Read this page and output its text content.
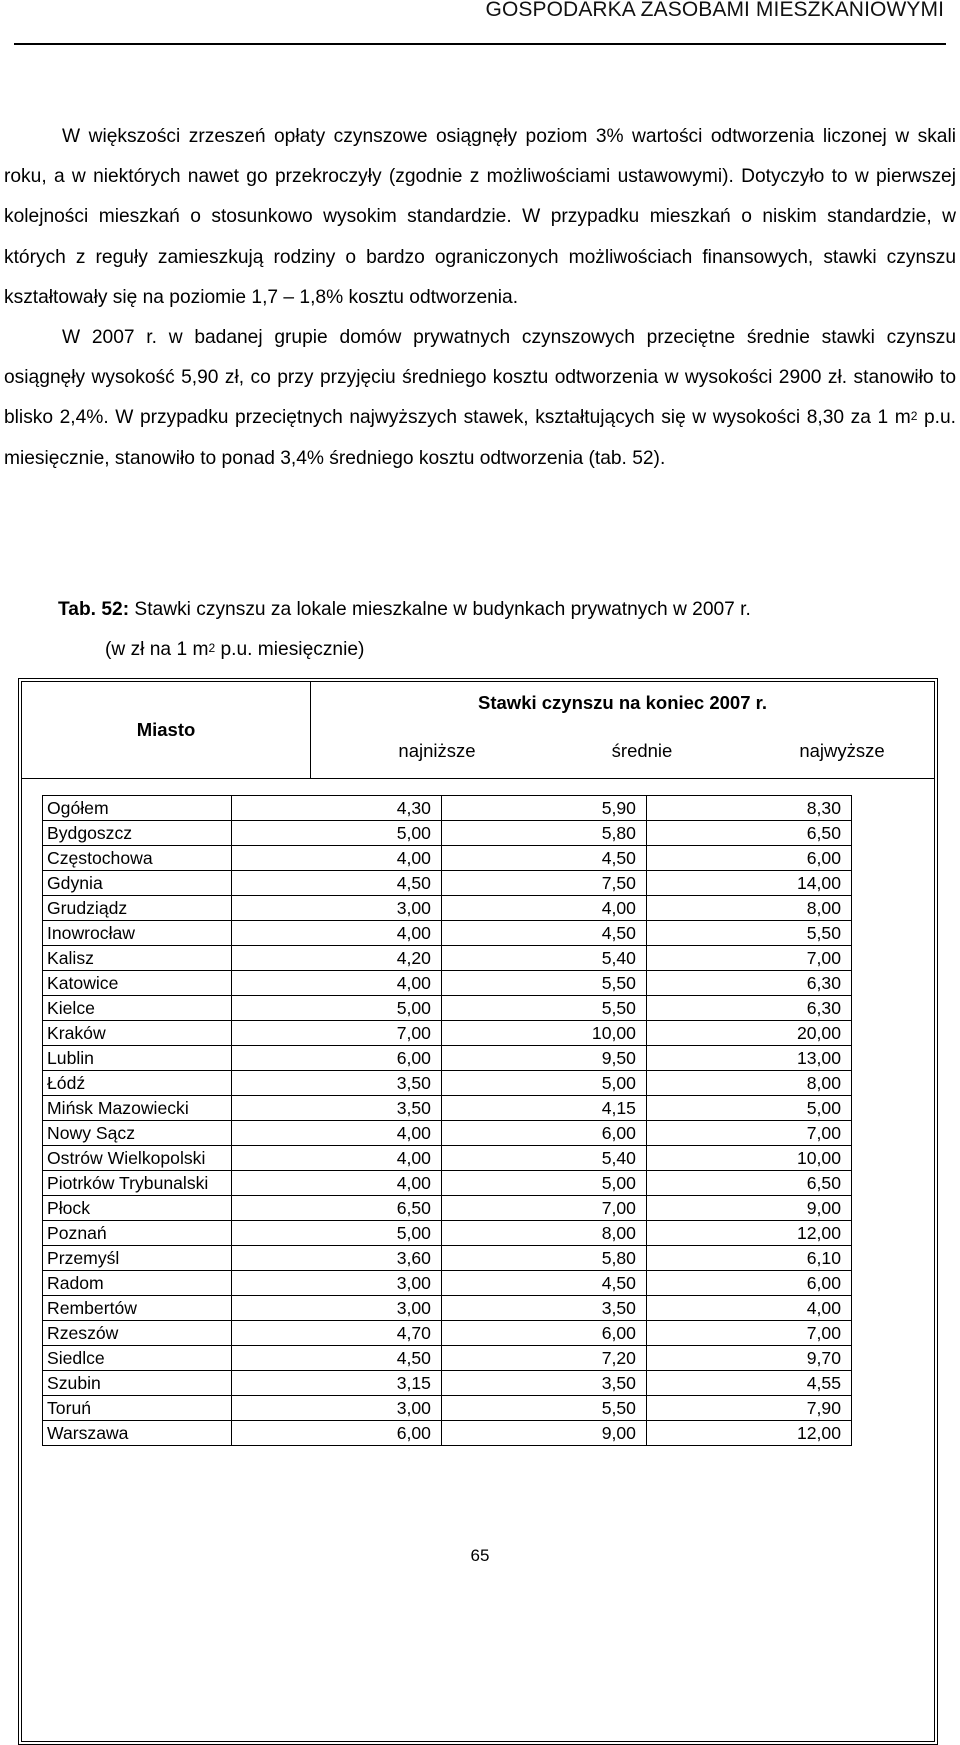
GOSPODARKA ZASOBAMI MIESZKANIOWYMI

W większości zrzeszeń opłaty czynszowe osiągnęły poziom 3% wartości odtworzenia liczonej w skali roku, a w niektórych nawet go przekroczyły (zgodnie z możliwościami ustawowymi). Dotyczyło to w pierwszej kolejności mieszkań o stosunkowo wysokim standardzie. W przypadku mieszkań o niskim standardzie, w których z reguły zamieszkują rodziny o bardzo ograniczonych możliwościach finansowych, stawki czynszu kształtowały się na poziomie 1,7 – 1,8% kosztu odtworzenia.

W 2007 r. w badanej grupie domów prywatnych czynszowych przeciętne średnie stawki czynszu osiągnęły wysokość 5,90 zł, co przy przyjęciu średniego kosztu odtworzenia w wysokości 2900 zł. stanowiło to blisko 2,4%. W przypadku przeciętnych najwyższych stawek, kształtujących się w wysokości 8,30 za 1 $m^2$ p.u. miesięcznie, stanowiło to ponad 3,4% średniego kosztu odtworzenia (tab. 52).

Tab. 52: Stawki czynszu za lokale mieszkalne w budynkach prywatnych w 2007 r.
(w zł na 1 $m^2$ p.u. miesięcznie)
Miasto
Stawki czynszu na koniec 2007 r.
najniższe	średnie	najwyższe
Ogółem	4,30	5,90	8,30
Bydgoszcz	5,00	5,80	6,50
Częstochowa	4,00	4,50	6,00
Gdynia	4,50	7,50	14,00
Grudziądz	3,00	4,00	8,00
Inowrocław	4,00	4,50	5,50
Kalisz	4,20	5,40	7,00
Katowice	4,00	5,50	6,30
Kielce	5,00	5,50	6,30
Kraków	7,00	10,00	20,00
Lublin	6,00	9,50	13,00
Łódź	3,50	5,00	8,00
Mińsk Mazowiecki	3,50	4,15	5,00
Nowy Sącz	4,00	6,00	7,00
Ostrów Wielkopolski	4,00	5,40	10,00
Piotrków Trybunalski	4,00	5,00	6,50
Płock	6,50	7,00	9,00
Poznań	5,00	8,00	12,00
Przemyśl	3,60	5,80	6,10
Radom	3,00	4,50	6,00
Rembertów	3,00	3,50	4,00
Rzeszów	4,70	6,00	7,00
Siedlce	4,50	7,20	9,70
Szubin	3,15	3,50	4,55
Toruń	3,00	5,50	7,90
Warszawa	6,00	9,00	12,00
65
